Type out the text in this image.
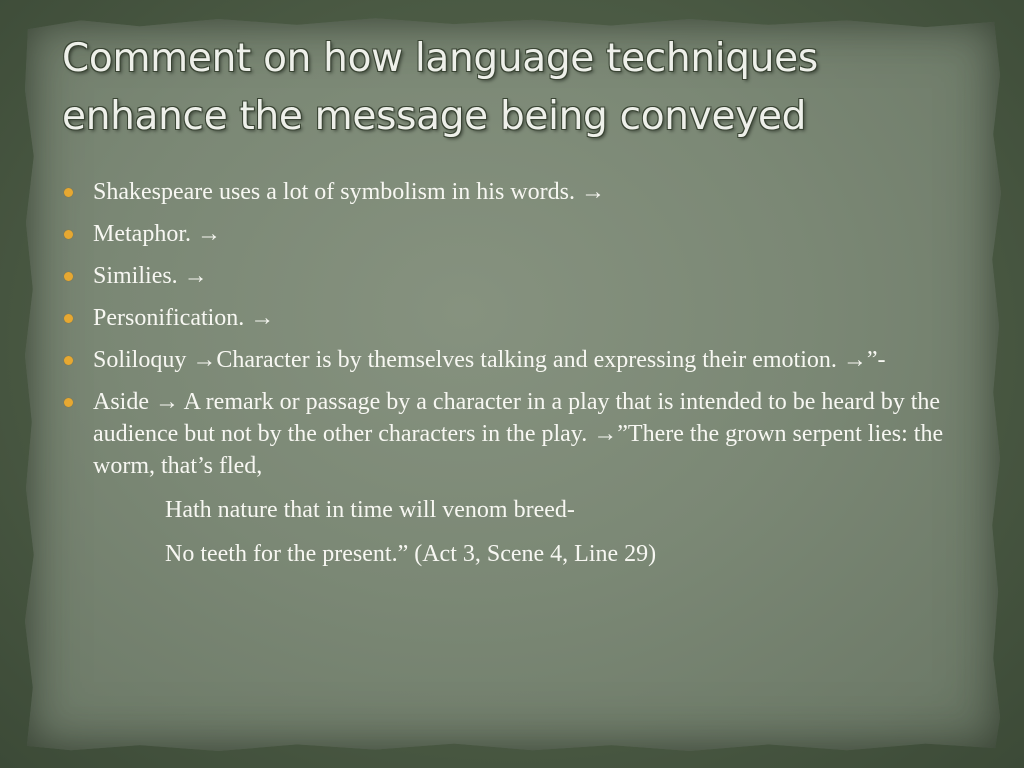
Comment on how language techniques enhance the message being conveyed
Shakespeare uses a lot of symbolism in his words. →
Metaphor. →
Similies. →
Personification. →
Soliloquy →Character is by themselves talking and expressing their emotion. →”-
Aside → A remark or passage by a character in a play that is intended to be heard by the audience but not by the other characters in the play. →”There the grown serpent lies: the worm, that’s fled,
Hath nature that in time will venom breed-
No teeth for the present.” (Act 3, Scene 4, Line 29)
